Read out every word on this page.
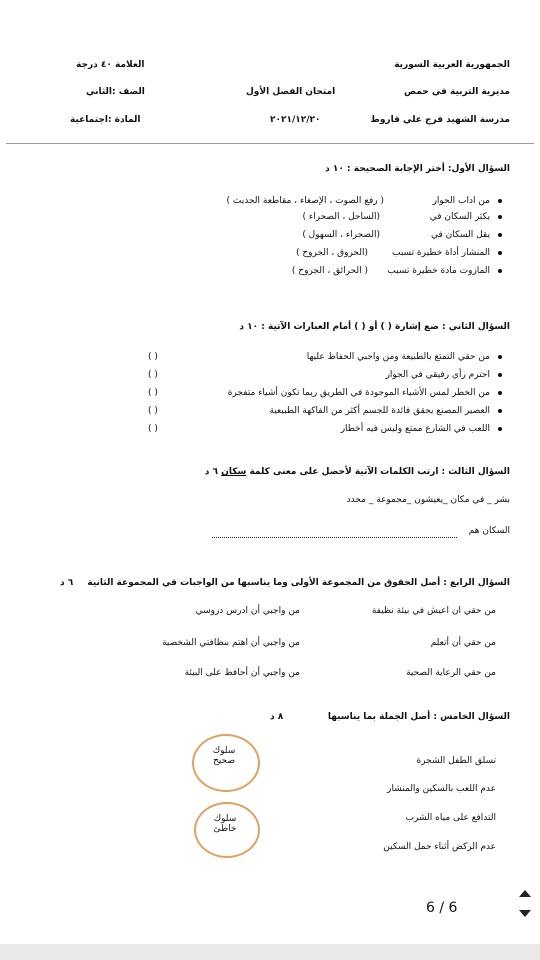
الجمهورية العربية السورية
العلامة ٤٠ درجة
مديرية التربية في حمص
امتحان الفصل الأول
الصف :الثاني
مدرسة الشهيد فرج علي قاروط
٢٠٢١/١٢/٢٠
المادة :اجتماعية
السؤال الأول: أختر الإجابة الصحيحة : ١٠ د
من اداب الحوار
( رفع الصوت ، الإصغاء ، مقاطعة الحديث )
يكثر السكان في
(الساحل ، الصحراء )
يقل السكان في
(الصحراء ، السهول )
المنشار أداة خطيرة تسبب
(الحروق ، الجروح )
المازوت مادة خطيرة تسبب
( الحرائق ، الجروح )
السؤال الثاني : ضع إشارة ( ) أو ( ) أمام العبارات الآتية : ١٠ د
من حقي التمتع بالطبيعة ومن واجبي الحفاظ عليها
( )
احترم رأي رفيقي في الحوار
( )
من الخطر لمس الأشياء الموجودة في الطريق ربما تكون أشياء متفجرة
( )
العصير المصنع يحقق فائدة للجسم أكثر من الفاكهة الطبيعية
( )
اللعب في الشارع ممتع وليس فيه أخطار
( )
السؤال الثالث : ارتب الكلمات الآتية لأحصل على معنى كلمة سكان ٦ د
بشر _ في مكان _يعيشون _مجموعة _ محدد
السكان هم
السؤال الرابع : أصل الحقوق من المجموعة الأولى وما يناسبها من الواجبات في المجموعة الثانية
٦ د
من حقي ان اعيش في بيئة نظيفة
من واجبي أن ادرس دروسي
من حقي أن أتعلم
من واجبي أن اهتم بنظافتي الشخصية
من حقي الرعاية الصحية
من واجبي أن أحافظ على البيئة
السؤال الخامس : أصل الجملة بما يناسبها
٨ د
تسلق الطفل الشجرة
عدم اللعب بالسكين والمنشار
التدافع على مياه الشرب
عدم الركض أثناء حمل السكين
سلوك
صحيح
سلوك
خاطئ
6 / 6
